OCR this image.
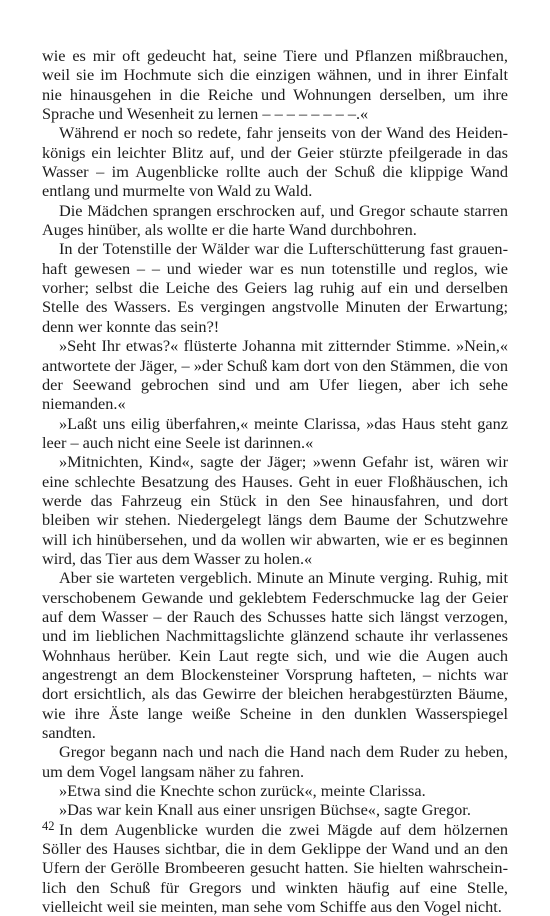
wie es mir oft gedeucht hat, seine Tiere und Pflanzen mißbrauchen, weil sie im Hochmute sich die einzigen wähnen, und in ihrer Einfalt nie hinausgehen in die Reiche und Wohnungen derselben, um ihre Sprache und Wesenheit zu lernen – – – – – – – –.«

Während er noch so redete, fahr jenseits von der Wand des Heidenkönigs ein leichter Blitz auf, und der Geier stürzte pfeilgerade in das Wasser – im Augenblicke rollte auch der Schuß die klippige Wand entlang und murmelte von Wald zu Wald.

Die Mädchen sprangen erschrocken auf, und Gregor schaute starren Auges hinüber, als wollte er die harte Wand durchbohren.

In der Totenstille der Wälder war die Lufterschütterung fast grauenhaft gewesen – – und wieder war es nun totenstille und reglos, wie vorher; selbst die Leiche des Geiers lag ruhig auf ein und derselben Stelle des Wassers. Es vergingen angstvolle Minuten der Erwartung; denn wer konnte das sein?!

»Seht Ihr etwas?« flüsterte Johanna mit zitternder Stimme. »Nein,« antwortete der Jäger, – »der Schuß kam dort von den Stämmen, die von der Seewand gebrochen sind und am Ufer liegen, aber ich sehe niemanden.«

»Laßt uns eilig überfahren,« meinte Clarissa, »das Haus steht ganz leer – auch nicht eine Seele ist darinnen.«

»Mitnichten, Kind«, sagte der Jäger; »wenn Gefahr ist, wären wir eine schlechte Besatzung des Hauses. Geht in euer Floßhäuschen, ich werde das Fahrzeug ein Stück in den See hinausfahren, und dort bleiben wir stehen. Niedergelegt längs dem Baume der Schutzwehre will ich hinübersehen, und da wollen wir abwarten, wie er es beginnen wird, das Tier aus dem Wasser zu holen.«

Aber sie warteten vergeblich. Minute an Minute verging. Ruhig, mit verschobenem Gewande und geklebtem Federschmucke lag der Geier auf dem Wasser – der Rauch des Schusses hatte sich längst verzogen, und im lieblichen Nachmittagslichte glänzend schaute ihr verlassenes Wohnhaus herüber. Kein Laut regte sich, und wie die Augen auch angestrengt an dem Blockensteiner Vorsprung hafteten, – nichts war dort ersichtlich, als das Gewirre der bleichen herabgestürzten Bäume, wie ihre Äste lange weiße Scheine in den dunklen Wasserspiegel sandten.

Gregor begann nach und nach die Hand nach dem Ruder zu heben, um dem Vogel langsam näher zu fahren.

»Etwa sind die Knechte schon zurück«, meinte Clarissa.

»Das war kein Knall aus einer unsrigen Büchse«, sagte Gregor.

In dem Augenblicke wurden die zwei Mägde auf dem hölzernen Söller des Hauses sichtbar, die in dem Geklippe der Wand und an den Ufern der Gerölle Brombeeren gesucht hatten. Sie hielten wahrscheinlich den Schuß für Gregors und winkten häufig auf eine Stelle, vielleicht weil sie meinten, man sehe vom Schiffe aus den Vogel nicht.

42
